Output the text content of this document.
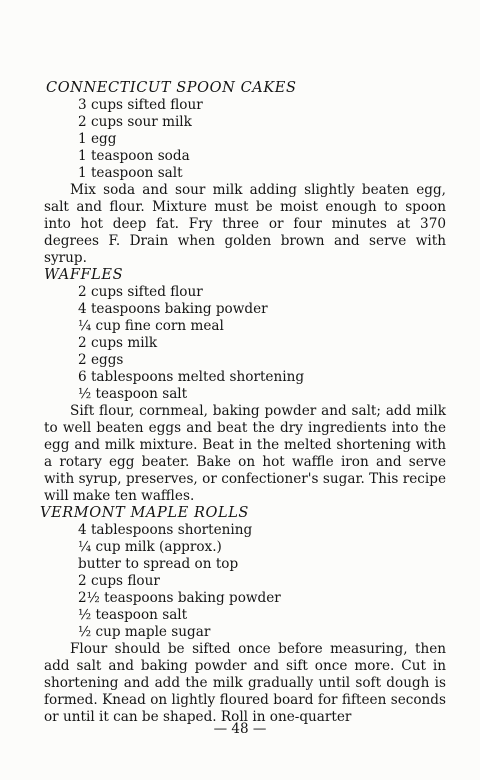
CONNECTICUT SPOON CAKES
3 cups sifted flour
2 cups sour milk
1 egg
1 teaspoon soda
1 teaspoon salt

Mix soda and sour milk adding slightly beaten egg, salt and flour. Mixture must be moist enough to spoon into hot deep fat. Fry three or four minutes at 370 degrees F. Drain when golden brown and serve with syrup.

WAFFLES
2 cups sifted flour
4 teaspoons baking powder
¼ cup fine corn meal
2 cups milk
2 eggs
6 tablespoons melted shortening
½ teaspoon salt

Sift flour, cornmeal, baking powder and salt; add milk to well beaten eggs and beat the dry ingredients into the egg and milk mixture. Beat in the melted shortening with a rotary egg beater. Bake on hot waffle iron and serve with syrup, preserves, or confectioner's sugar. This recipe will make ten waffles.

VERMONT MAPLE ROLLS
4 tablespoons shortening
¼ cup milk (approx.)
butter to spread on top
2 cups flour
2½ teaspoons baking powder
½ teaspoon salt
½ cup maple sugar

Flour should be sifted once before measuring, then add salt and baking powder and sift once more. Cut in shortening and add the milk gradually until soft dough is formed. Knead on lightly floured board for fifteen seconds or until it can be shaped. Roll in one-quarter

— 48 —
